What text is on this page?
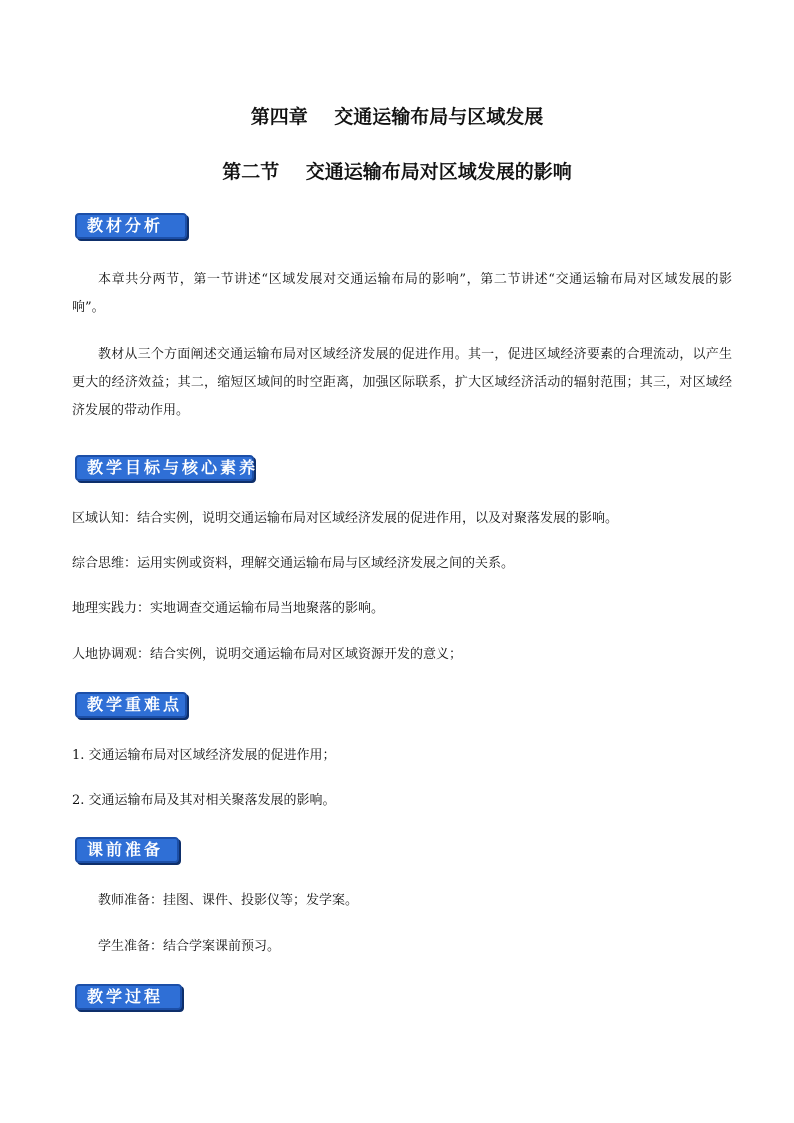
第四章    交通运输布局与区域发展
第二节    交通运输布局对区域发展的影响
教材分析
本章共分两节，第一节讲述“区域发展对交通运输布局的影响”，第二节讲述“交通运输布局对区域发展的影响”。
教材从三个方面阐述交通运输布局对区域经济发展的促进作用。其一，促进区域经济要素的合理流动，以产生更大的经济效益；其二，缩短区域间的时空距离，加强区际联系，扩大区域经济活动的辐射范围；其三，对区域经济发展的带动作用。
教学目标与核心素养
区域认知：结合实例，说明交通运输布局对区域经济发展的促进作用，以及对聚落发展的影响。
综合思维：运用实例或资料，理解交通运输布局与区域经济发展之间的关系。
地理实践力：实地调查交通运输布局当地聚落的影响。
人地协调观：结合实例，说明交通运输布局对区域资源开发的意义；
教学重难点
1. 交通运输布局对区域经济发展的促进作用；
2. 交通运输布局及其对相关聚落发展的影响。
课前准备
教师准备：挂图、课件、投影仪等；发学案。
学生准备：结合学案课前预习。
教学过程
